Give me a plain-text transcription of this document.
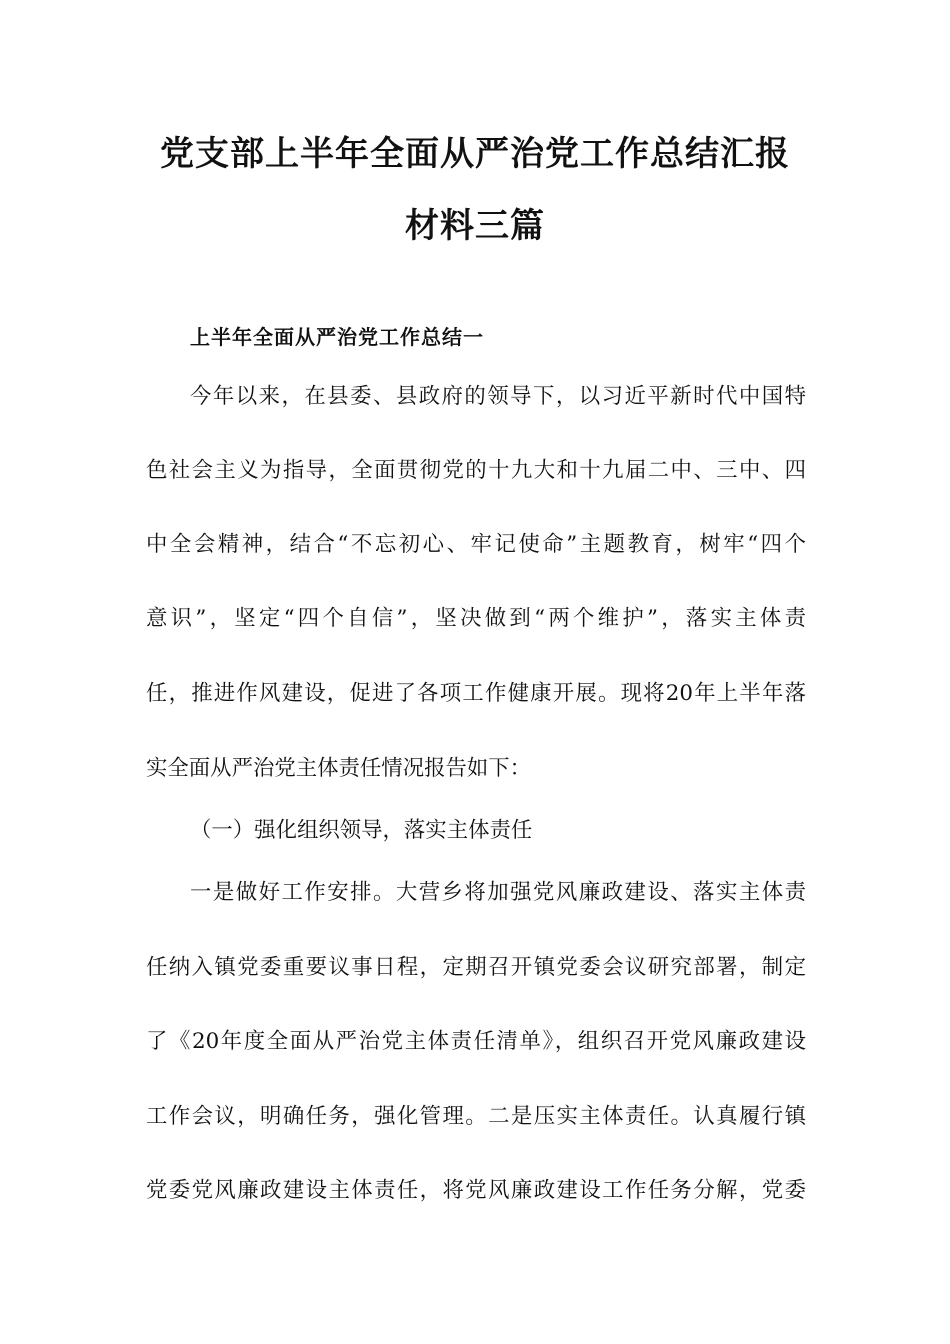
党支部上半年全面从严治党工作总结汇报
材料三篇
上半年全面从严治党工作总结一
今年以来，在县委、县政府的领导下，以习近平新时代中国特
色社会主义为指导，全面贯彻党的十九大和十九届二中、三中、四
中全会精神，结合“不忘初心、牢记使命”主题教育，树牢“四个
意识”，坚定“四个自信”，坚决做到“两个维护”，落实主体责
任，推进作风建设，促进了各项工作健康开展。现将20年上半年落
实全面从严治党主体责任情况报告如下：
（一）强化组织领导，落实主体责任
一是做好工作安排。大营乡将加强党风廉政建设、落实主体责
任纳入镇党委重要议事日程，定期召开镇党委会议研究部署，制定
了《20年度全面从严治党主体责任清单》，组织召开党风廉政建设
工作会议，明确任务，强化管理。二是压实主体责任。认真履行镇
党委党风廉政建设主体责任，将党风廉政建设工作任务分解，党委
